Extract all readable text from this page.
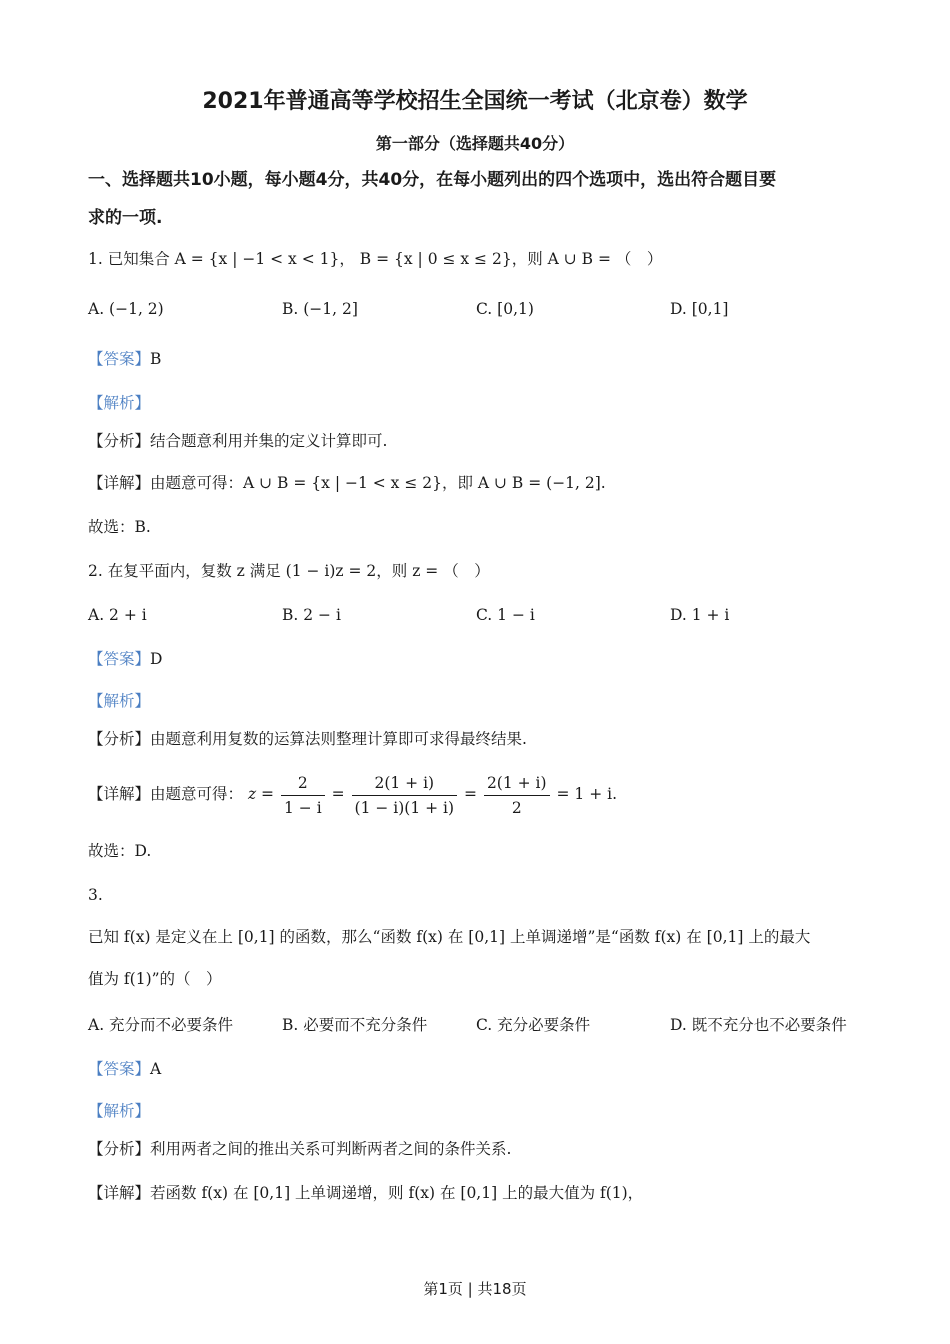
2021年普通高等学校招生全国统一考试（北京卷）数学
第一部分（选择题共40分）
一、选择题共10小题，每小题4分，共40分，在每小题列出的四个选项中，选出符合题目要
求的一项.
1. 已知集合 A = {x | −1 < x < 1}， B = {x | 0 ≤ x ≤ 2}，则 A ∪ B = （　）
A. (−1, 2)	B. (−1, 2]	C. [0,1)	D. [0,1]
【答案】B
【解析】
【分析】结合题意利用并集的定义计算即可.
【详解】由题意可得：A ∪ B = {x | −1 < x ≤ 2}，即 A ∪ B = (−1, 2].
故选：B.
2. 在复平面内，复数 z 满足 (1 − i)z = 2，则 z = （　）
A. 2 + i	B. 2 − i	C. 1 − i	D. 1 + i
【答案】D
【解析】
【分析】由题意利用复数的运算法则整理计算即可求得最终结果.
【详解】由题意可得： $z = \frac{2}{1 - i} = \frac{2(1 + i)}{(1 - i)(1 + i)} = \frac{2(1 + i)}{2} = 1 + i$.
故选：D.
3.
已知 f(x) 是定义在上 [0,1] 的函数，那么“函数 f(x) 在 [0,1] 上单调递增”是“函数 f(x) 在 [0,1] 上的最大
值为 f(1)”的（　）
A. 充分而不必要条件	B. 必要而不充分条件	C. 充分必要条件	D. 既不充分也不必要条件
【答案】A
【解析】
【分析】利用两者之间的推出关系可判断两者之间的条件关系.
【详解】若函数 f(x) 在 [0,1] 上单调递增，则 f(x) 在 [0,1] 上的最大值为 f(1)，
第1页 | 共18页
